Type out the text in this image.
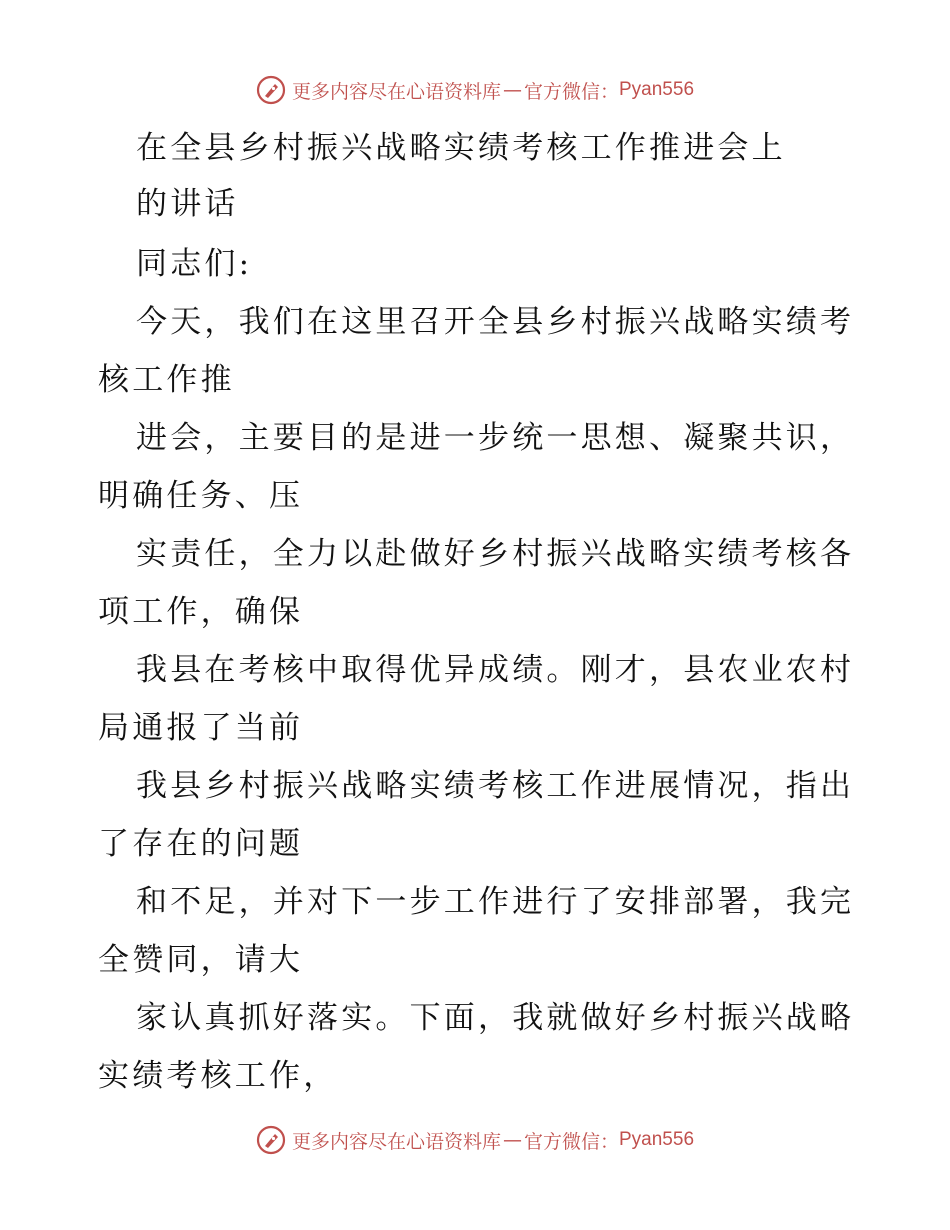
更多内容尽在心语资料库 — 官方微信： Pyan556
在全县乡村振兴战略实绩考核工作推进会上
的讲话
同志们:
今天，我们在这里召开全县乡村振兴战略实绩考
核工作推
进会，主要目的是进一步统一思想、凝聚共识，
明确任务、压
实责任，全力以赴做好乡村振兴战略实绩考核各
项工作，确保
我县在考核中取得优异成绩。刚才，县农业农村
局通报了当前
我县乡村振兴战略实绩考核工作进展情况，指出
了存在的问题
和不足，并对下一步工作进行了安排部署，我完
全赞同，请大
家认真抓好落实。下面，我就做好乡村振兴战略
实绩考核工作，
更多内容尽在心语资料库 — 官方微信： Pyan556
